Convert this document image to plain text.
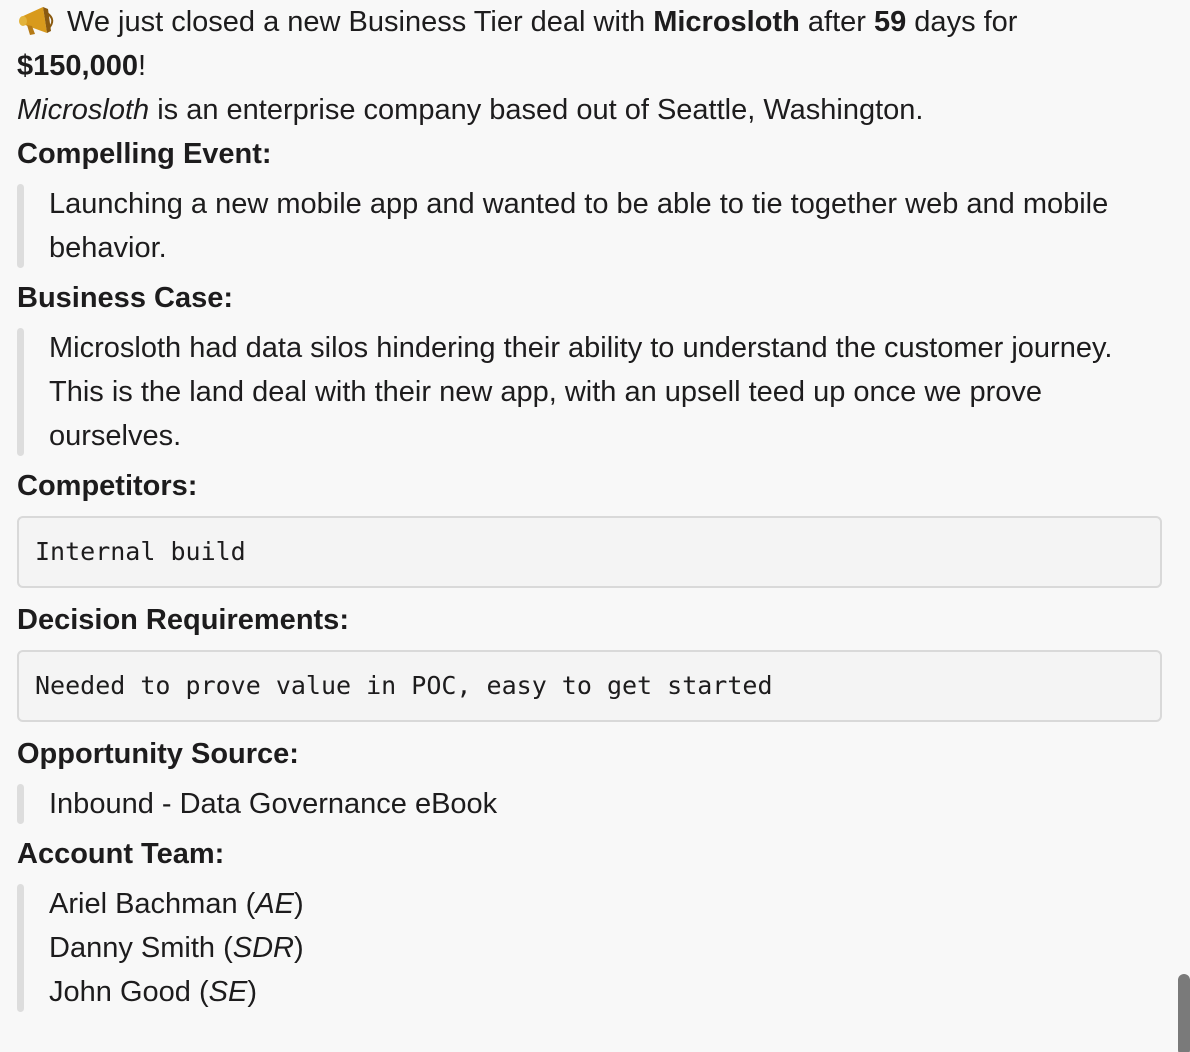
We just closed a new Business Tier deal with Microsloth after 59 days for
$150,000!
Microsloth is an enterprise company based out of Seattle, Washington.
Compelling Event:
Launching a new mobile app and wanted to be able to tie together web and mobile
behavior.
Business Case:
Microsloth had data silos hindering their ability to understand the customer journey.
This is the land deal with their new app, with an upsell teed up once we prove
ourselves.
Competitors:
Internal build
Decision Requirements:
Needed to prove value in POC, easy to get started
Opportunity Source:
Inbound - Data Governance eBook
Account Team:
Ariel Bachman (AE)
Danny Smith (SDR)
John Good (SE)
